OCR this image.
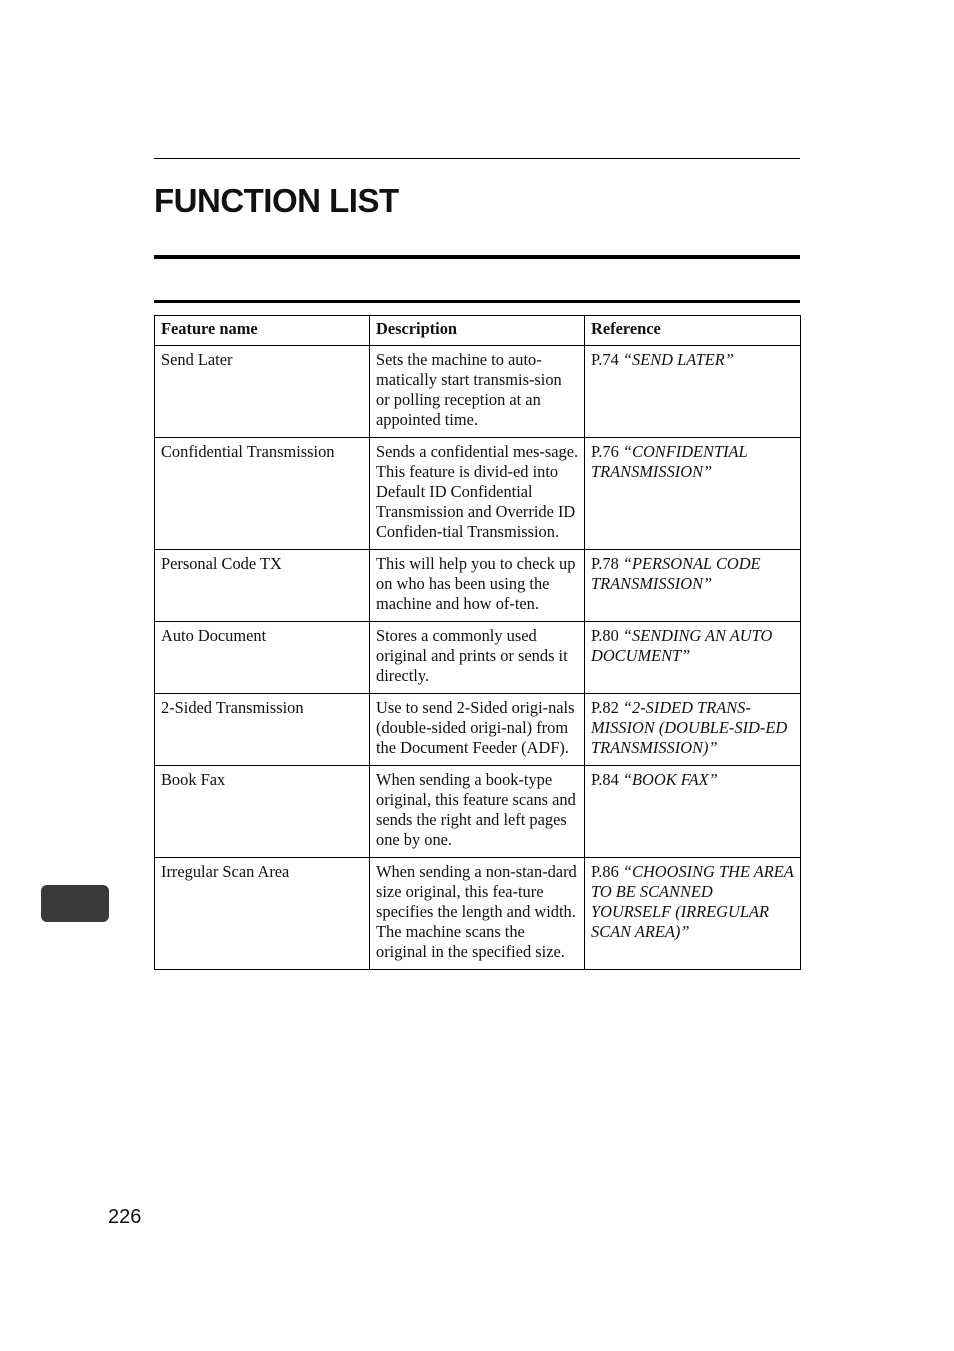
FUNCTION LIST
Feature name	Description	Reference
Send Later	Sets the machine to auto-matically start transmis-sion or polling reception at an appointed time.	P.74 “SEND LATER”
Confidential Transmission	Sends a confidential mes-sage. This feature is divid-ed into Default ID Confidential Transmission and Override ID Confiden-tial Transmission.	P.76 “CONFIDENTIAL TRANSMISSION”
Personal Code TX	This will help you to check up on who has been using the machine and how of-ten.	P.78 “PERSONAL CODE TRANSMISSION”
Auto Document	Stores a commonly used original and prints or sends it directly.	P.80 “SENDING AN AUTO DOCUMENT”
2-Sided Transmission	Use to send 2-Sided origi-nals (double-sided origi-nal) from the Document Feeder (ADF).	P.82 “2-SIDED TRANS-MISSION (DOUBLE-SID-ED TRANSMISSION)”
Book Fax	When sending a book-type original, this feature scans and sends the right and left pages one by one.	P.84 “BOOK FAX”
Irregular Scan Area	When sending a non-stan-dard size original, this fea-ture specifies the length and width. The machine scans the original in the specified size.	P.86 “CHOOSING THE AREA TO BE SCANNED YOURSELF (IRREGULAR SCAN AREA)”
226
